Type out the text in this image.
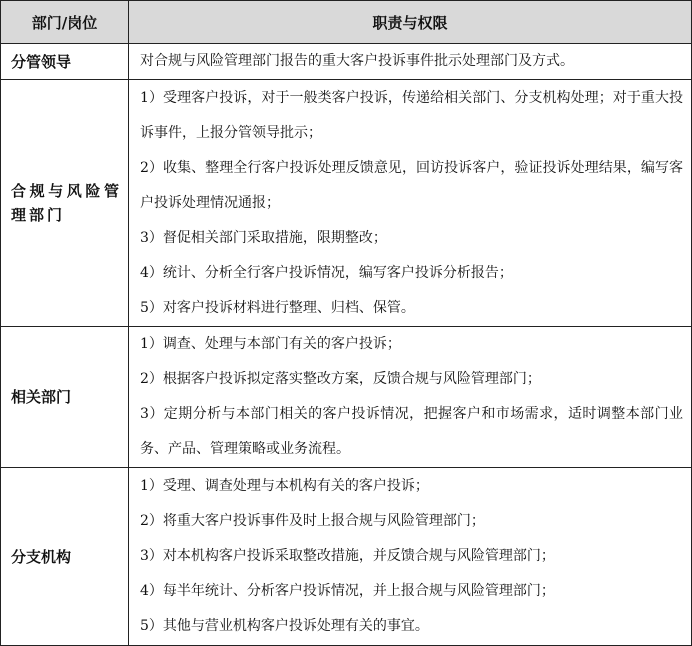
部门/岗位	职责与权限
分管领导	对合规与风险管理部门报告的重大客户投诉事件批示处理部门及方式。

合规与风险管理部门	1）受理客户投诉，对于一般类客户投诉，传递给相关部门、分支机构处理；对于重大投诉事件，上报分管领导批示；
2）收集、整理全行客户投诉处理反馈意见，回访投诉客户，验证投诉处理结果，编写客户投诉处理情况通报；
3）督促相关部门采取措施，限期整改；
4）统计、分析全行客户投诉情况，编写客户投诉分析报告；
5）对客户投诉材料进行整理、归档、保管。

相关部门	1）调查、处理与本部门有关的客户投诉；
2）根据客户投诉拟定落实整改方案，反馈合规与风险管理部门；
3）定期分析与本部门相关的客户投诉情况，把握客户和市场需求，适时调整本部门业务、产品、管理策略或业务流程。

分支机构	1）受理、调查处理与本机构有关的客户投诉；
2）将重大客户投诉事件及时上报合规与风险管理部门；
3）对本机构客户投诉采取整改措施，并反馈合规与风险管理部门；
4）每半年统计、分析客户投诉情况，并上报合规与风险管理部门；
5）其他与营业机构客户投诉处理有关的事宜。
